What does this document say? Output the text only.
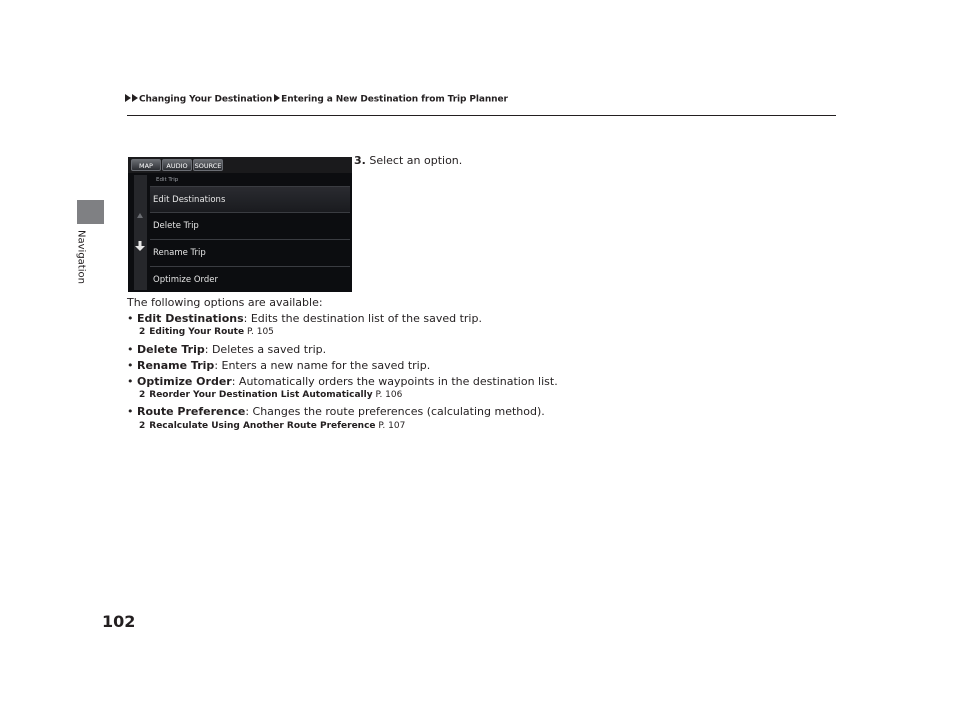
Changing Your Destination Entering a New Destination from Trip Planner
Navigation
MAP	AUDIO	SOURCE
Edit Trip
Edit Destinations
Delete Trip
Rename Trip
Optimize Order
3. Select an option.
The following options are available:
• Edit Destinations: Edits the destination list of the saved trip.
2 Editing Your Route P. 105
• Delete Trip: Deletes a saved trip.
• Rename Trip: Enters a new name for the saved trip.
• Optimize Order: Automatically orders the waypoints in the destination list.
2 Reorder Your Destination List Automatically P. 106
• Route Preference: Changes the route preferences (calculating method).
2 Recalculate Using Another Route Preference P. 107
102
